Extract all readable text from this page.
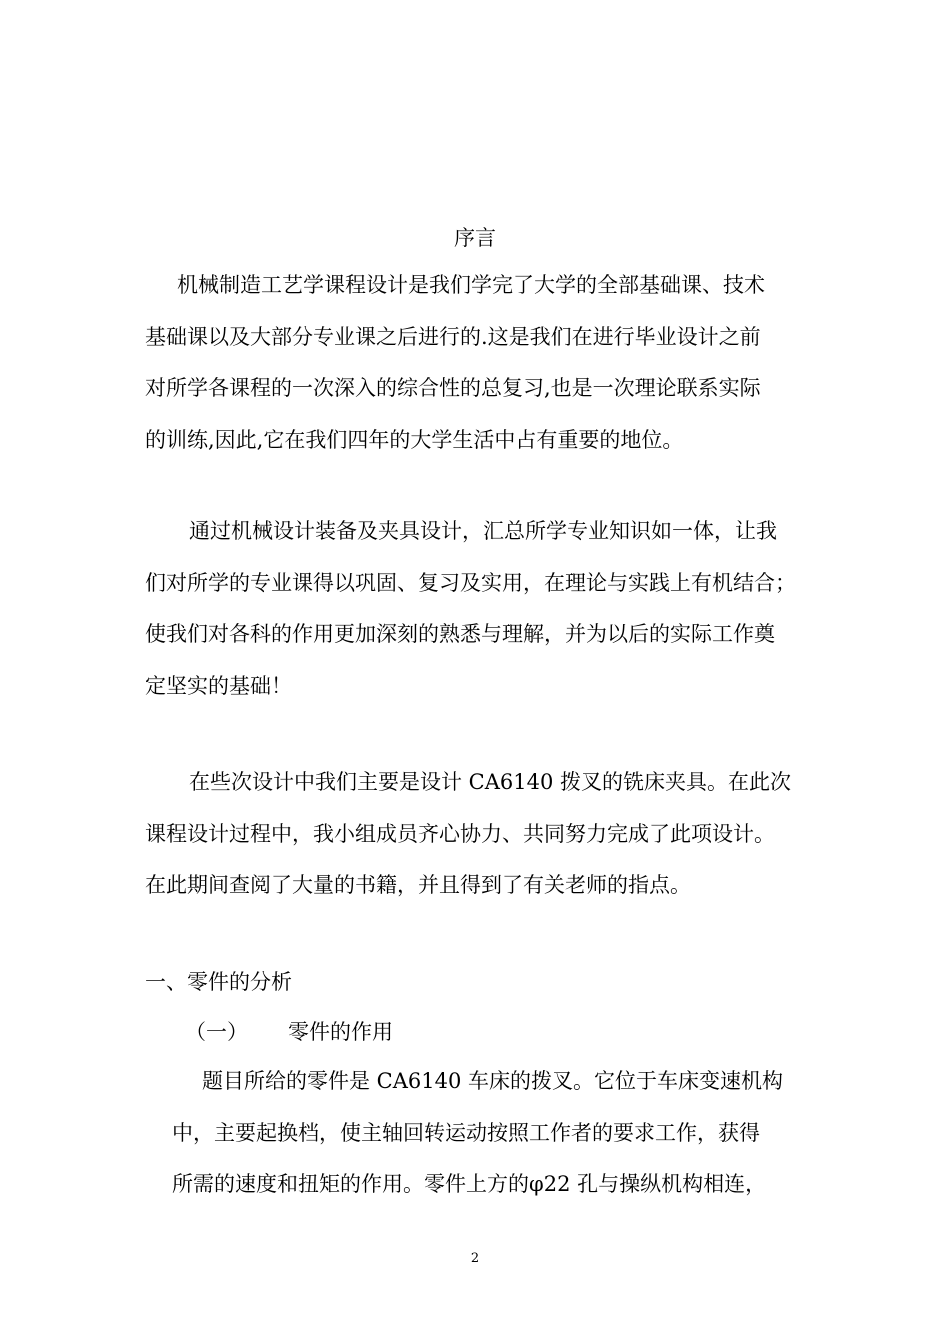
序言
机械制造工艺学课程设计是我们学完了大学的全部基础课、技术
基础课以及大部分专业课之后进行的.这是我们在进行毕业设计之前
对所学各课程的一次深入的综合性的总复习,也是一次理论联系实际
的训练,因此,它在我们四年的大学生活中占有重要的地位。
通过机械设计装备及夹具设计，汇总所学专业知识如一体，让我
们对所学的专业课得以巩固、复习及实用，在理论与实践上有机结合；
使我们对各科的作用更加深刻的熟悉与理解，并为以后的实际工作奠
定坚实的基础！
在些次设计中我们主要是设计 CA6140 拨叉的铣床夹具。在此次
课程设计过程中，我小组成员齐心协力、共同努力完成了此项设计。
在此期间查阅了大量的书籍，并且得到了有关老师的指点。
一、零件的分析
（一） 零件的作用
题目所给的零件是 CA6140 车床的拨叉。它位于车床变速机构
中，主要起换档，使主轴回转运动按照工作者的要求工作，获得
所需的速度和扭矩的作用。零件上方的φ22 孔与操纵机构相连，
2
